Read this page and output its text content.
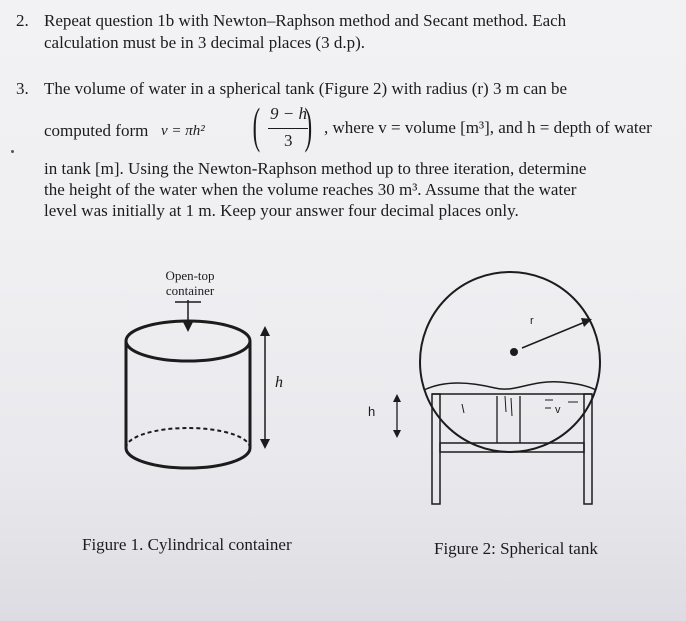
2. Repeat question 1b with Newton–Raphson method and Secant method. Each
calculation must be in 3 decimal places (3 d.p).
3. The volume of water in a spherical tank (Figure 2) with radius (r) 3 m can be
computed form v = πh² ( 9 − h
3 ) , where v = volume [m³], and h = depth of water
in tank [m]. Using the Newton-Raphson method up to three iteration, determine
the height of the water when the volume reaches 30 m³. Assume that the water
level was initially at 1 m. Keep your answer four decimal places only.
Open-top
container
h
r
h	v
Figure 1. Cylindrical container	Figure 2: Spherical tank
